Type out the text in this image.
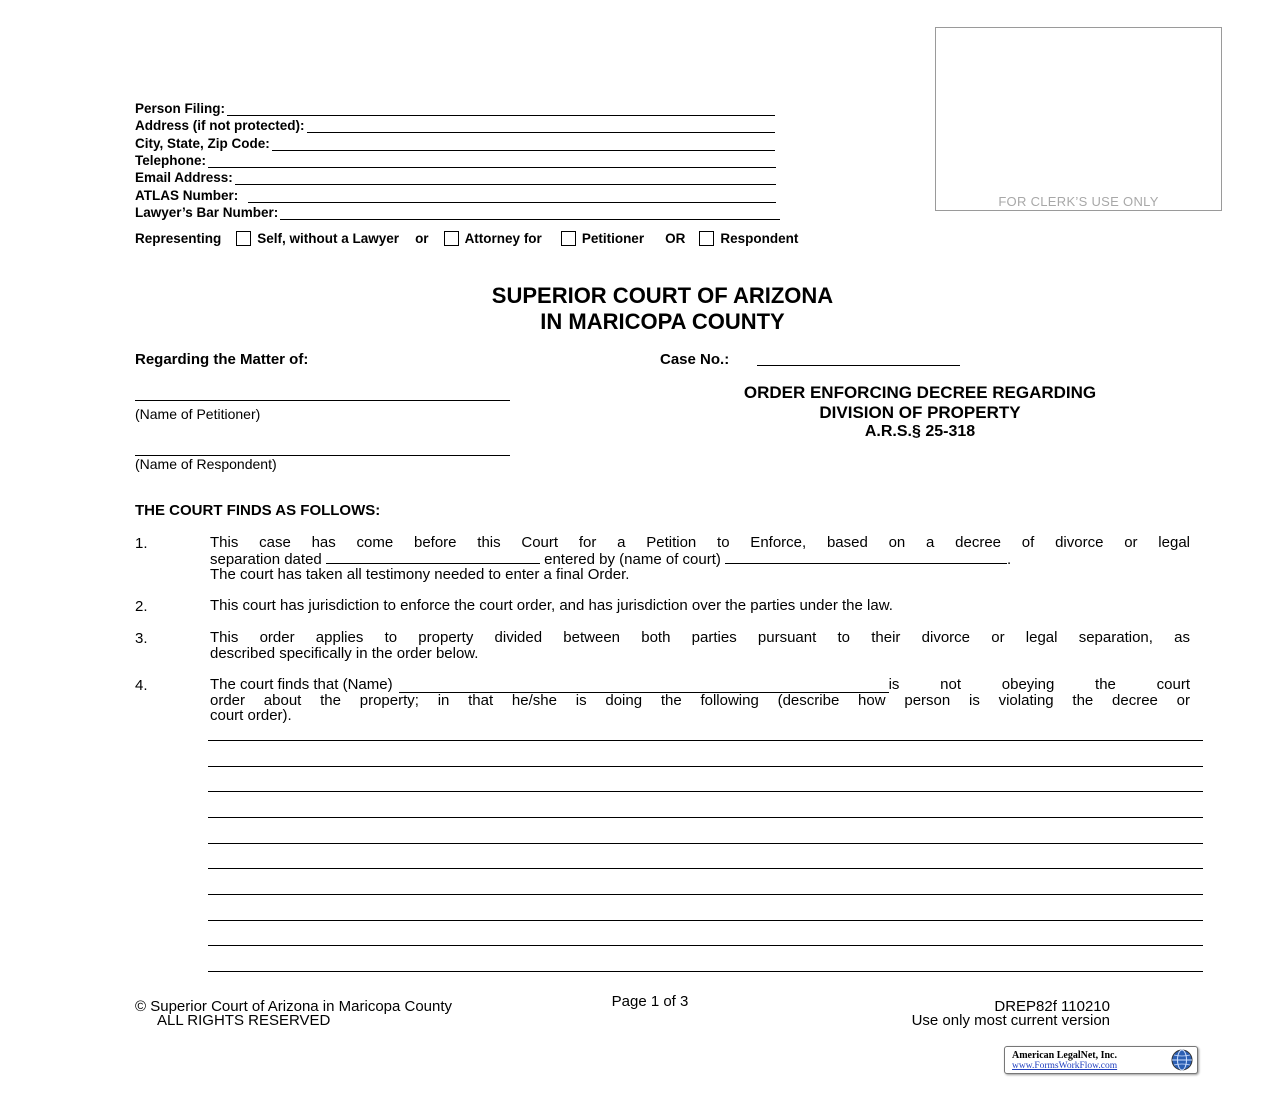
Person Filing:
Address (if not protected):
City, State, Zip Code:
Telephone:
Email Address:
ATLAS Number:
Lawyer’s Bar Number:
FOR CLERK’S USE ONLY
Representing	Self, without a Lawyer or	Attorney for	Petitioner OR	Respondent
SUPERIOR COURT OF ARIZONA
IN MARICOPA COUNTY
Regarding the Matter of:
(Name of Petitioner)
(Name of Respondent)
Case No.:
ORDER ENFORCING DECREE REGARDING
DIVISION OF PROPERTY
A.R.S.§ 25-318
THE COURT FINDS AS FOLLOWS:
1.	This case has come before this Court for a Petition to Enforce, based on a decree of divorce or legal
separation dated	entered by (name of court)	.
The court has taken all testimony needed to enter a final Order.
2.	This court has jurisdiction to enforce the court order, and has jurisdiction over the parties under the law.
3.	This order applies to property divided between both parties pursuant to their divorce or legal separation, as
described specifically in the order below.
4.	The court finds that (Name)	is not obeying the court
order about the property; in that he/she is doing the following (describe how person is violating the decree or
court order).
© Superior Court of Arizona in Maricopa County
ALL RIGHTS RESERVED
Page 1 of 3	DREP82f 110210
Use only most current version
American LegalNet, Inc.
www.FormsWorkFlow.com
